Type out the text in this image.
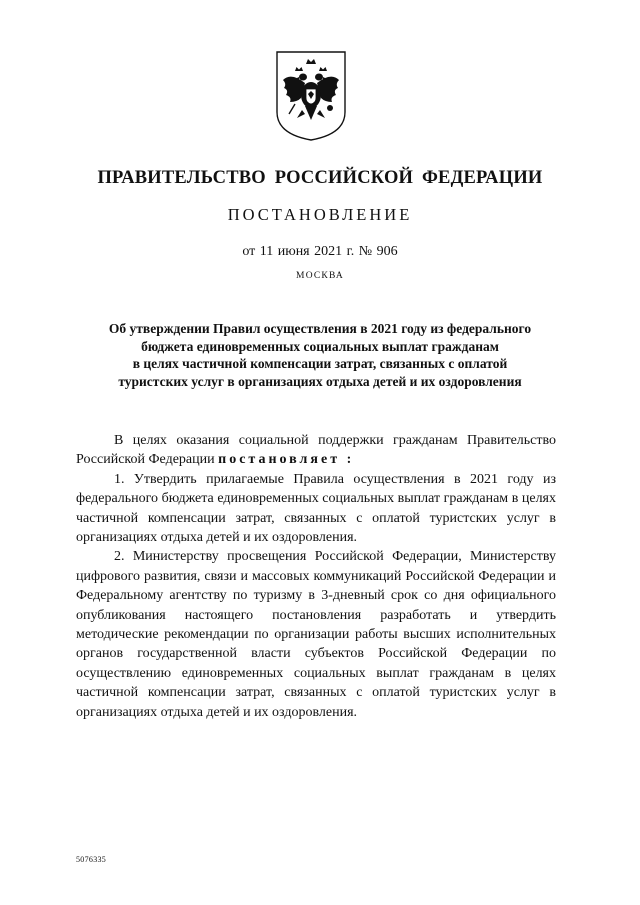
ПРАВИТЕЛЬСТВО РОССИЙСКОЙ ФЕДЕРАЦИИ
ПОСТАНОВЛЕНИЕ
от 11 июня 2021 г. № 906
МОСКВА
Об утверждении Правил осуществления в 2021 году из федерального
бюджета единовременных социальных выплат гражданам
в целях частичной компенсации затрат, связанных с оплатой
туристских услуг в организациях отдыха детей и их оздоровления

В целях оказания социальной поддержки гражданам Правительство Российской Федерации постановляет :

1. Утвердить прилагаемые Правила осуществления в 2021 году из федерального бюджета единовременных социальных выплат гражданам в целях частичной компенсации затрат, связанных с оплатой туристских услуг в организациях отдыха детей и их оздоровления.

2. Министерству просвещения Российской Федерации, Министерству цифрового развития, связи и массовых коммуникаций Российской Федерации и Федеральному агентству по туризму в 3-дневный срок со дня официального опубликования настоящего постановления разработать и утвердить методические рекомендации по организации работы высших исполнительных органов государственной власти субъектов Российской Федерации по осуществлению единовременных социальных выплат гражданам в целях частичной компенсации затрат, связанных с оплатой туристских услуг в организациях отдыха детей и их оздоровления.

5076335
